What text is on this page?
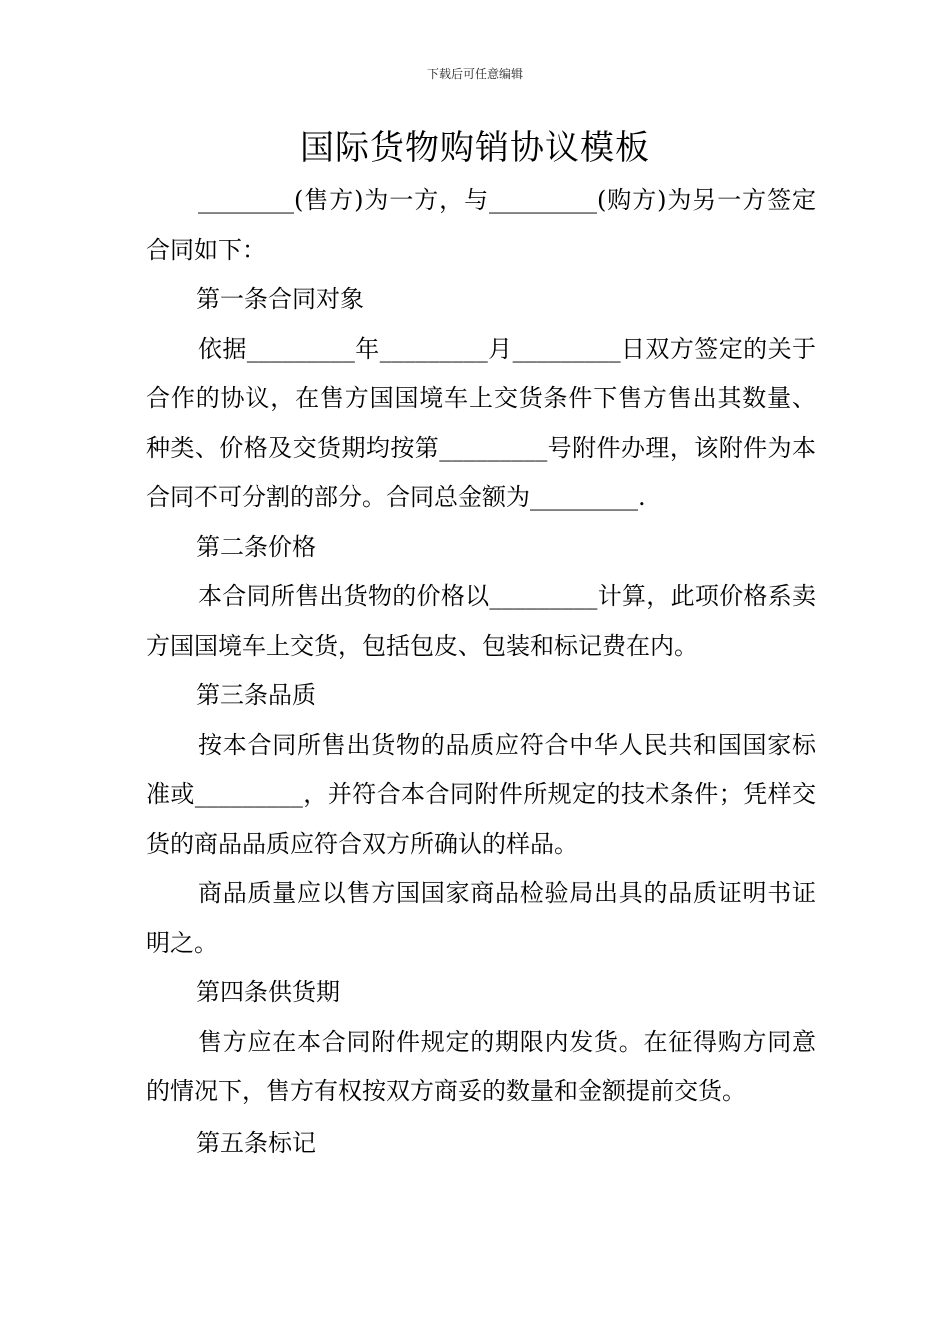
下载后可任意编辑
国际货物购销协议模板

________(售方)为一方，与_________(购方)为另一方签定合同如下：

第一条合同对象

依据_________年_________月_________日双方签定的关于合作的协议，在售方国国境车上交货条件下售方售出其数量、种类、价格及交货期均按第_________号附件办理，该附件为本合同不可分割的部分。合同总金额为_________.

第二条价格

本合同所售出货物的价格以_________计算，此项价格系卖方国国境车上交货，包括包皮、包装和标记费在内。

第三条品质

按本合同所售出货物的品质应符合中华人民共和国国家标准或_________，并符合本合同附件所规定的技术条件；凭样交货的商品品质应符合双方所确认的样品。

商品质量应以售方国国家商品检验局出具的品质证明书证明之。

第四条供货期

售方应在本合同附件规定的期限内发货。在征得购方同意的情况下，售方有权按双方商妥的数量和金额提前交货。

第五条标记
